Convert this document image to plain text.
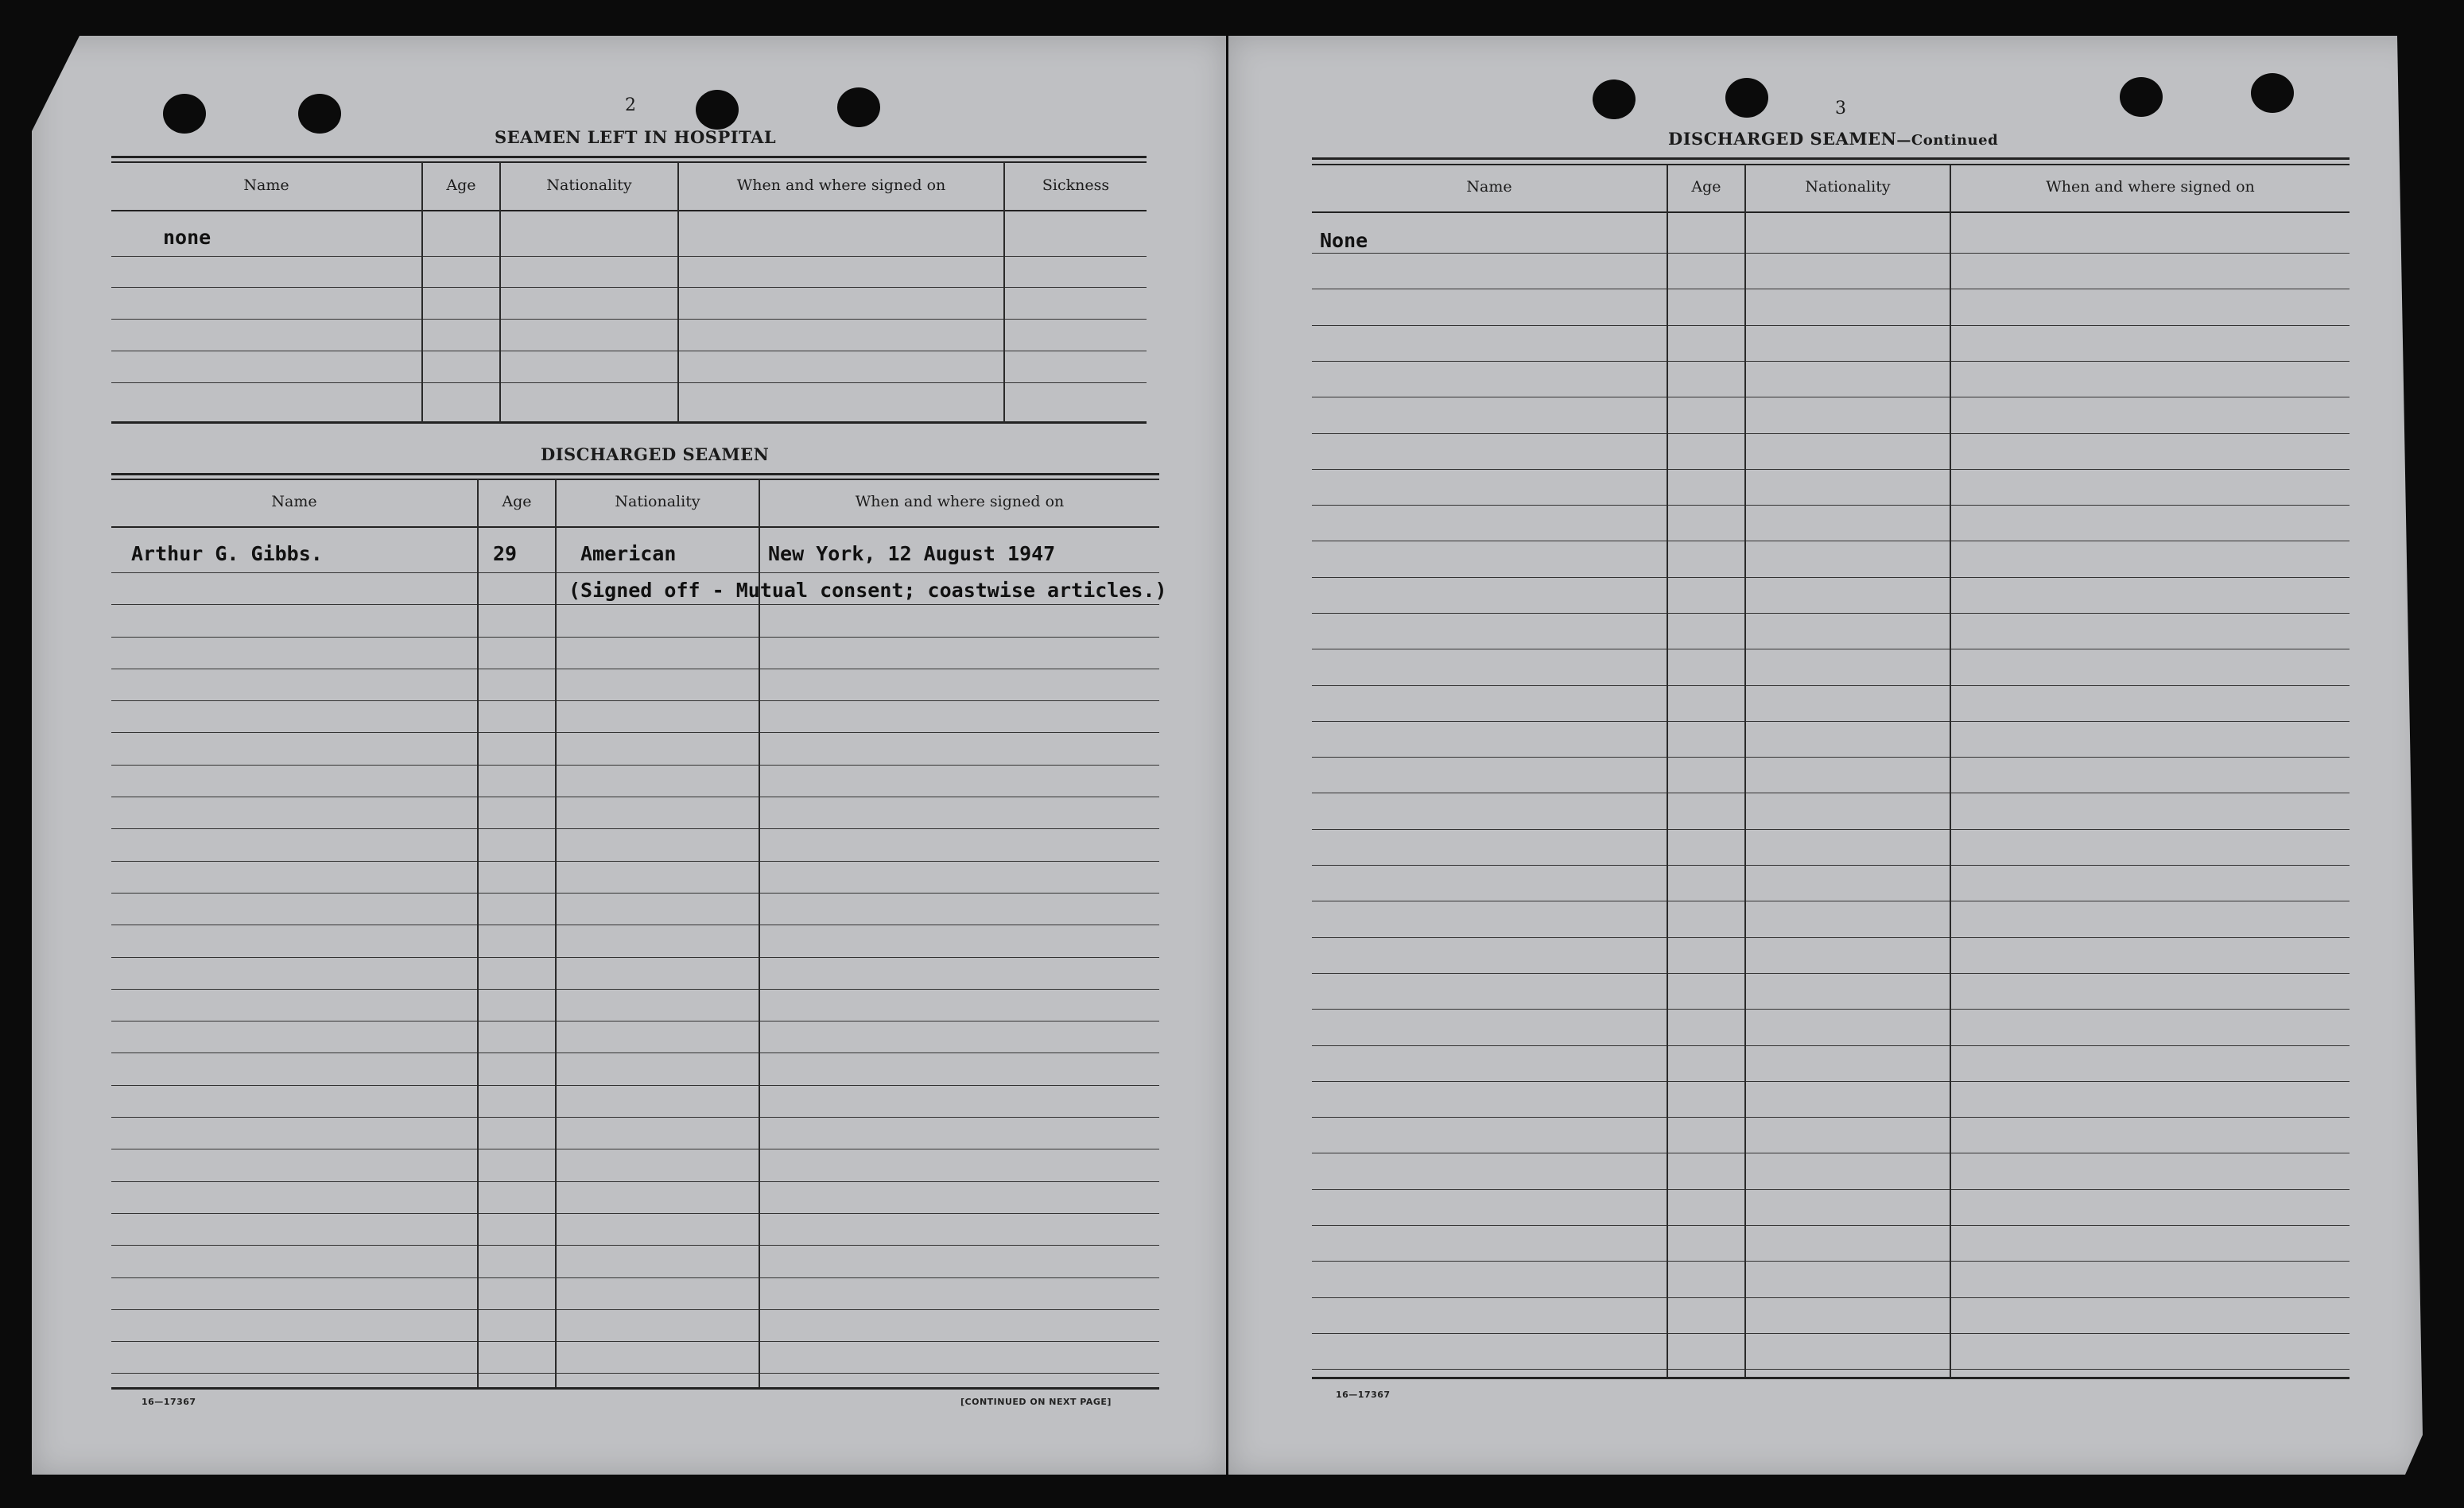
2
SEAMEN LEFT IN HOSPITAL
Name	Age	Nationality	When and where signed on	Sickness
none
DISCHARGED SEAMEN
Name	Age	Nationality	When and where signed on
Arthur G. Gibbs.	29	American	New York, 12 August 1947
(Signed off - Mutual consent; coastwise articles.)
16—17367	[CONTINUED ON NEXT PAGE]
3
DISCHARGED SEAMEN—Continued
Name	Age	Nationality	When and where signed on
None
16—17367
